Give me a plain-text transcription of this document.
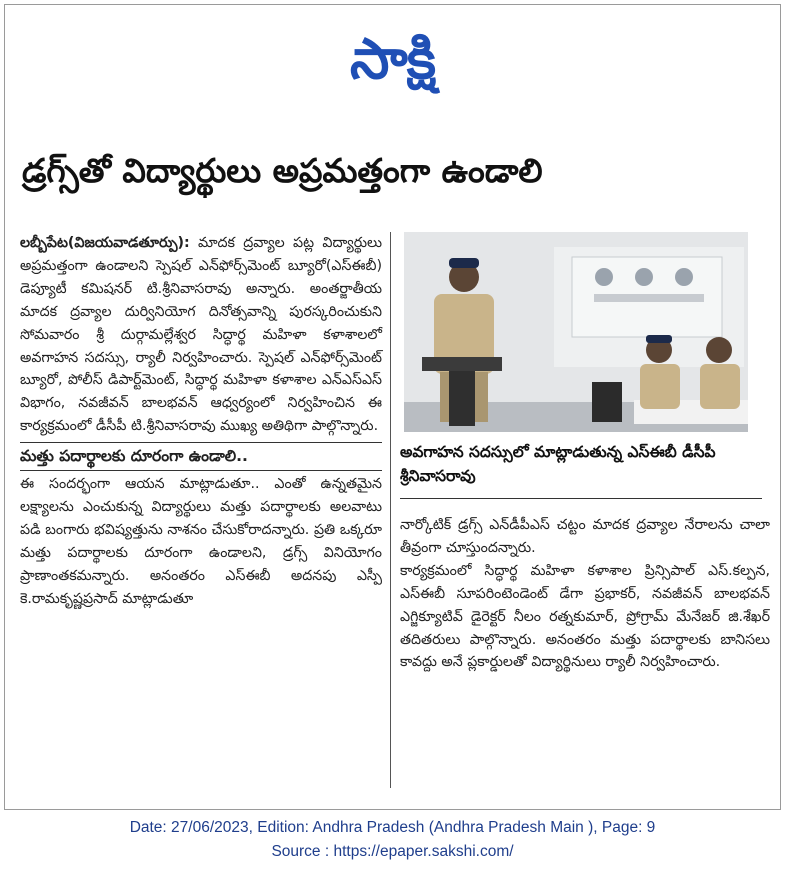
సాక్షి
డ్రగ్స్‌తో విద్యార్థులు అప్రమత్తంగా ఉండాలి

లబ్బీపేట(విజయవాడతూర్పు): మాదక ద్రవ్యాల పట్ల విద్యార్థులు అప్రమత్తంగా ఉండాలని స్పెషల్ ఎన్‌ఫోర్స్‌మెంట్ బ్యూరో(ఎస్‌ఈబీ) డెప్యూటీ కమిషనర్ టి.శ్రీనివాసరావు అన్నారు. అంతర్జాతీయ మాదక ద్రవ్యాల దుర్వినియోగ దినోత్సవాన్ని పురస్కరించుకుని సోమవారం శ్రీ దుర్గామల్లేశ్వర సిద్ధార్థ మహిళా కళాశాలలో అవగాహన సదస్సు, ర్యాలీ నిర్వహించారు. స్పెషల్ ఎన్‌ఫోర్స్‌మెంట్ బ్యూరో, పోలీస్ డిపార్ట్‌మెంట్, సిద్ధార్థ మహిళా కళాశాల ఎన్ఎస్ఎస్ విభాగం, నవజీవన్ బాలభవన్ ఆధ్వర్యంలో నిర్వహించిన ఈ కార్యక్రమంలో డీసీపీ టి.శ్రీనివాసరావు ముఖ్య అతిథిగా పాల్గొన్నారు.

మత్తు పదార్థాలకు దూరంగా ఉండాలి..

ఈ సందర్భంగా ఆయన మాట్లాడుతూ.. ఎంతో ఉన్నతమైన లక్ష్యాలను ఎంచుకున్న విద్యార్థులు మత్తు పదార్థాలకు అలవాటు పడి బంగారు భవిష్యత్తును నాశనం చేసుకోరాదన్నారు. ప్రతి ఒక్కరూ మత్తు పదార్థాలకు దూరంగా ఉండాలని, డ్రగ్స్ వినియోగం ప్రాణాంతకమన్నారు. అనంతరం ఎస్ఈబీ అదనపు ఎస్పీ కె.రామకృష్ణప్రసాద్ మాట్లాడుతూ

అవగాహన సదస్సులో మాట్లాడుతున్న ఎస్ఈబీ డీసీపీ శ్రీనివాసరావు

నార్కోటిక్ డ్రగ్స్ ఎన్‌డీపీఎస్ చట్టం మాదక ద్రవ్యాల నేరాలను చాలా తీవ్రంగా చూస్తుందన్నారు.

కార్యక్రమంలో సిద్ధార్థ మహిళా కళాశాల ప్రిన్సిపాల్ ఎస్.కల్పన, ఎస్ఈబీ సూపరింటెండెంట్ డేగా ప్రభాకర్, నవజీవన్ బాలభవన్ ఎగ్జిక్యూటివ్ డైరెక్టర్ నీలం రత్నకుమార్, ప్రోగ్రామ్ మేనేజర్ జి.శేఖర్ తదితరులు పాల్గొన్నారు. అనంతరం మత్తు పదార్థాలకు బానిసలు కావద్దు అనే ప్లకార్డులతో విద్యార్థినులు ర్యాలీ నిర్వహించారు.

Date: 27/06/2023, Edition: Andhra Pradesh (Andhra Pradesh Main ), Page: 9
Source : https://epaper.sakshi.com/
